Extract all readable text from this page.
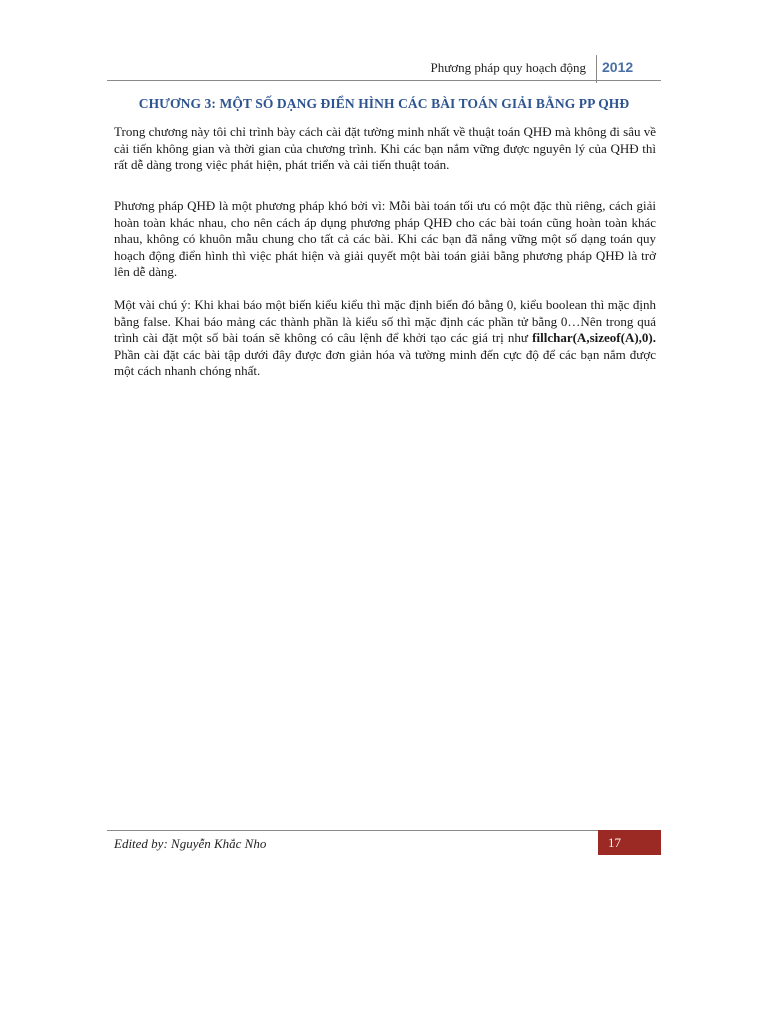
Phương pháp quy hoạch động 2012
CHƯƠNG 3: MỘT SỐ DẠNG ĐIỂN HÌNH CÁC BÀI TOÁN GIẢI BẰNG PP QHĐ

Trong chương này tôi chỉ trình bày cách cài đặt tường minh nhất về thuật toán QHĐ mà không đi sâu về cải tiến không gian và thời gian của chương trình. Khi các bạn nắm vững được nguyên lý của QHĐ thì rất dễ dàng trong việc phát hiện, phát triển và cải tiến thuật toán.

Phương pháp QHĐ là một phương pháp khó bởi vì: Mỗi bài toán tối ưu có một đặc thù riêng, cách giải hoàn toàn khác nhau, cho nên cách áp dụng phương pháp QHĐ cho các bài toán cũng hoàn toàn khác nhau, không có khuôn mẫu chung cho tất cả các bài. Khi các bạn đã nắng vững một số dạng toán quy hoạch động điển hình thì việc phát hiện và giải quyết một bài toán giải bằng phương pháp QHĐ là trở lên dễ dàng.

Một vài chú ý: Khi khai báo một biến kiểu kiểu thì mặc định biến đó bằng 0, kiểu boolean thì mặc định bằng false. Khai báo mảng các thành phần là kiểu số thì mặc định các phần tử bằng 0…Nên trong quá trình cài đặt một số bài toán sẽ không có câu lệnh để khởi tạo các giá trị như fillchar(A,sizeof(A),0). Phần cài đặt các bài tập dưới đây được đơn giản hóa và tường minh đến cực độ để các bạn nắm được một cách nhanh chóng nhất.

Edited by: Nguyễn Khắc Nho	17
